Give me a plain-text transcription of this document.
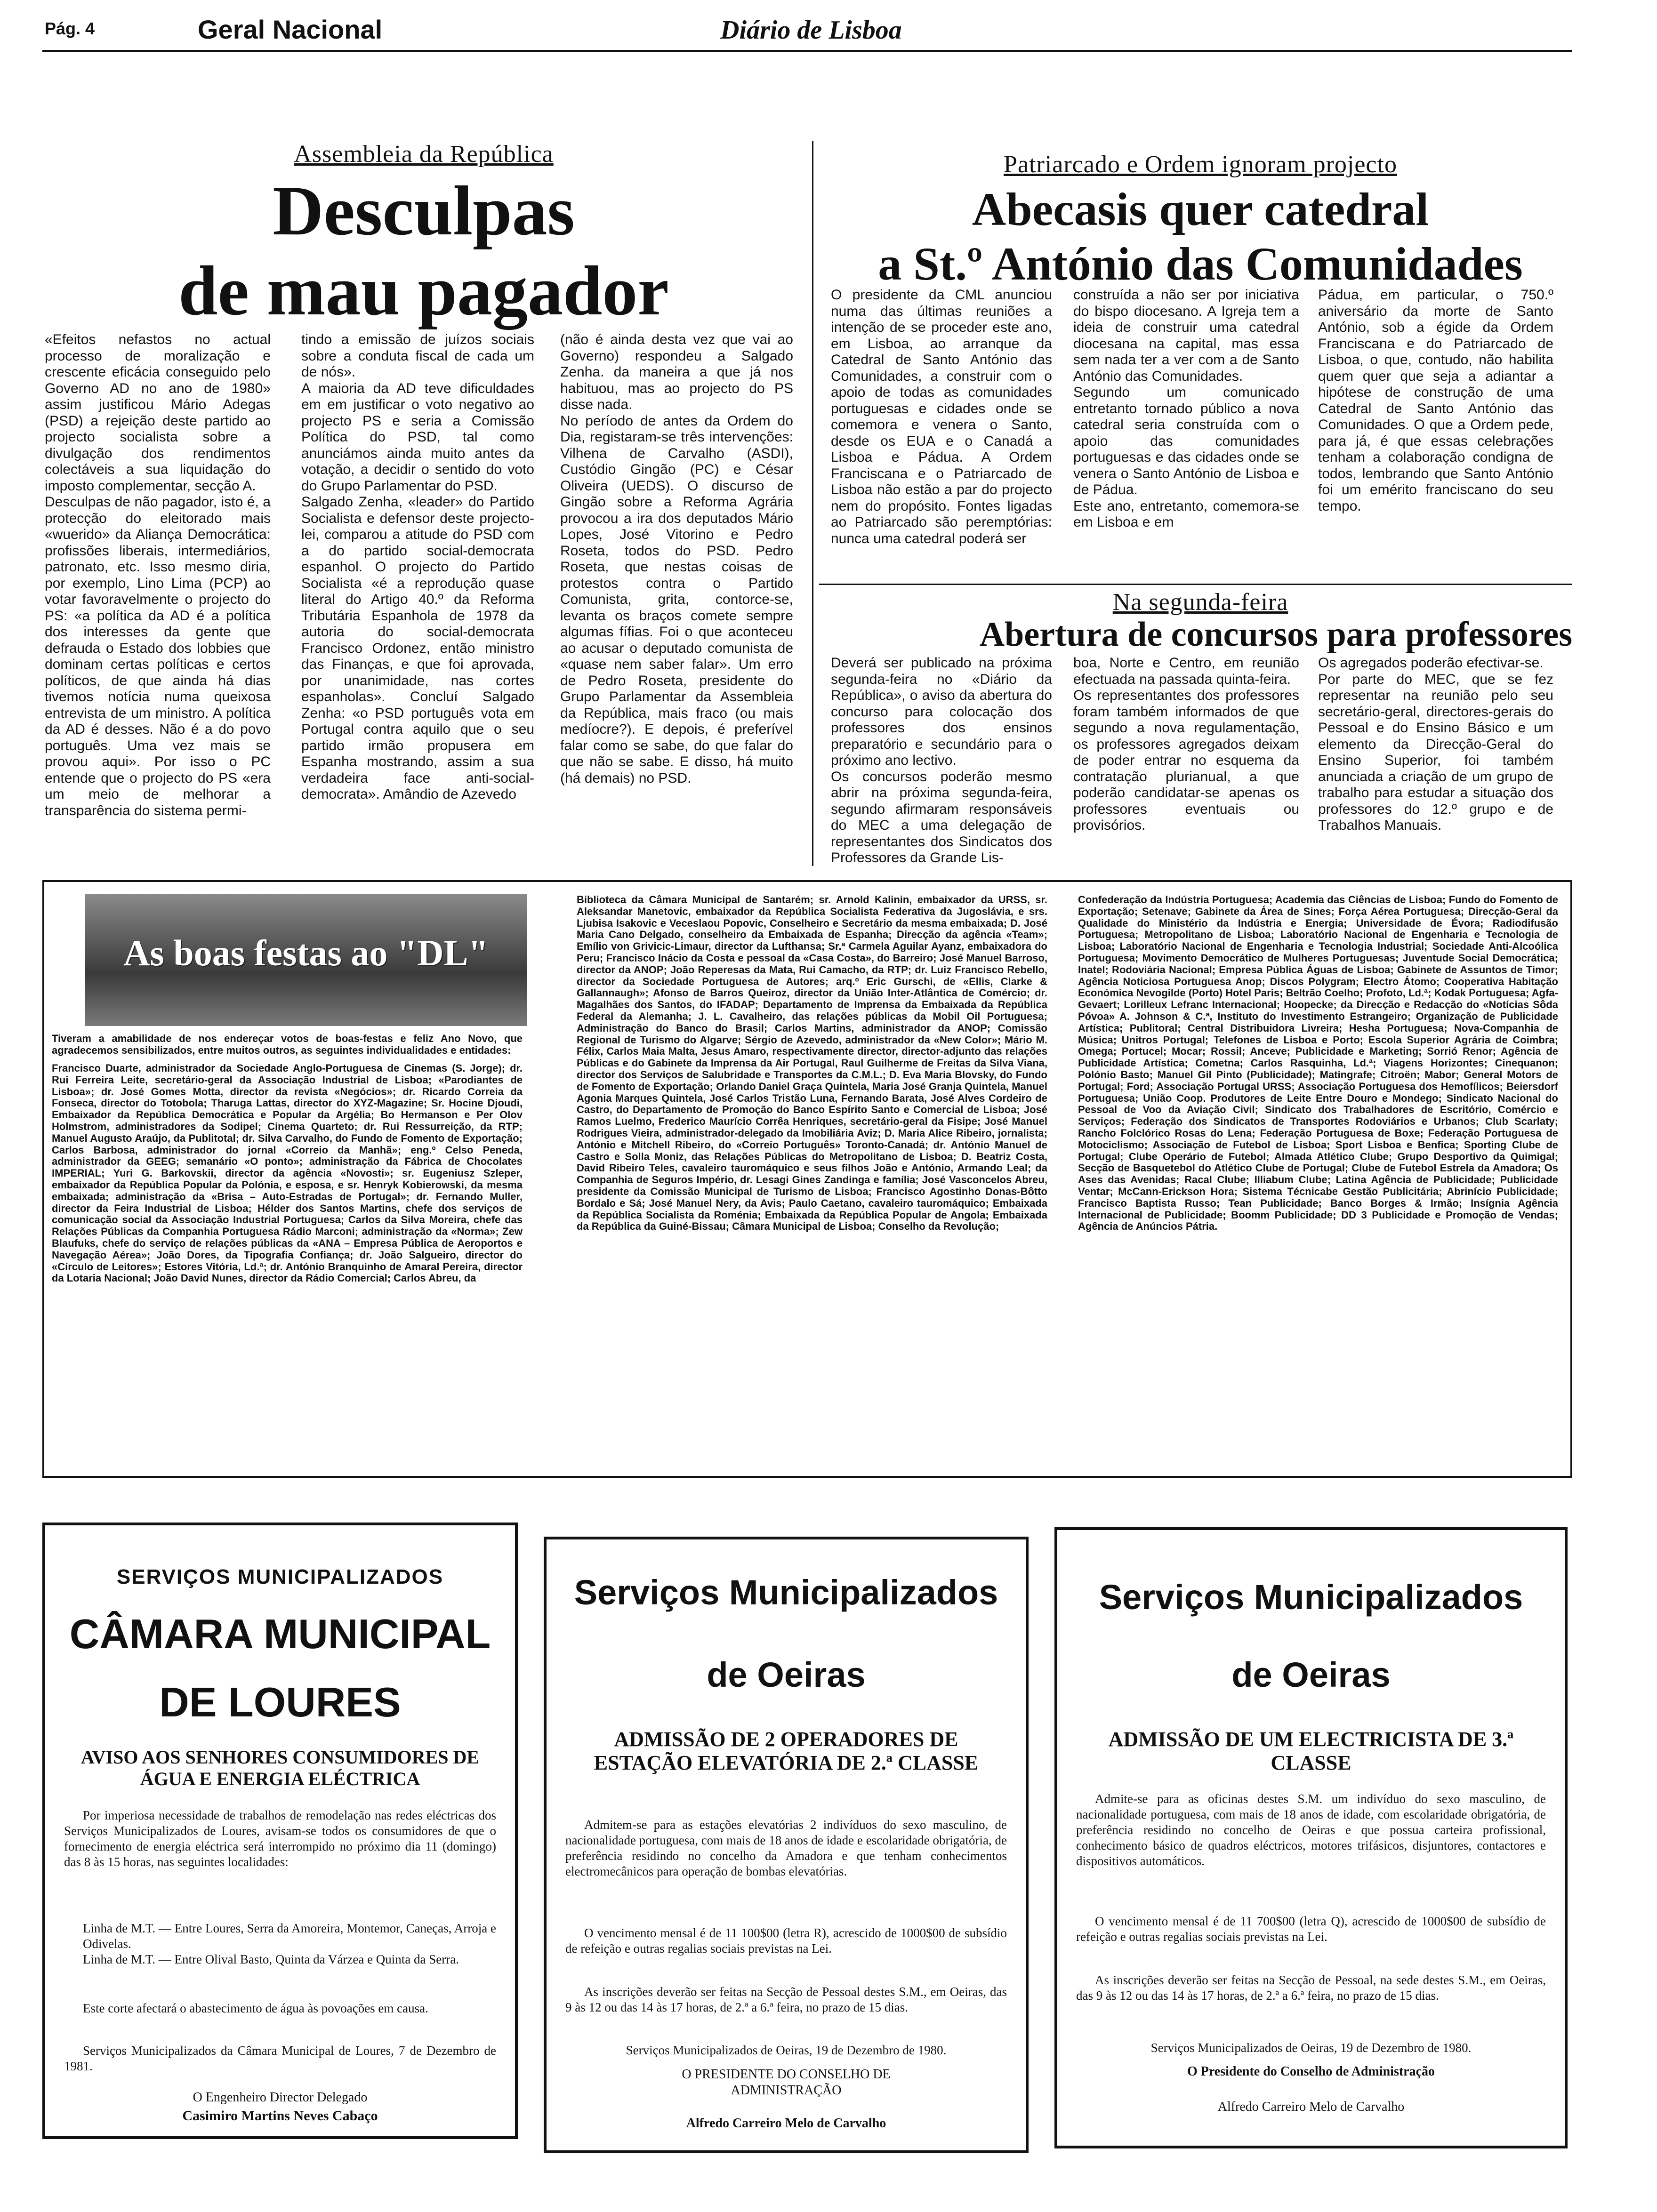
Pág. 4	Geral Nacional	Diário de Lisboa
Assembleia da República
Desculpas
de mau pagador
«Efeitos nefastos no actual processo de moralização e crescente eficácia conseguido pelo Governo AD no ano de 1980» assim justificou Mário Adegas (PSD) a rejeição deste partido ao projecto socialista sobre a divulgação dos rendimentos colectáveis a sua liquidação do imposto complementar, secção A.
Desculpas de não pagador, isto é, a protecção do eleitorado mais «wuerido» da Aliança Democrática: profissões liberais, intermediários, patronato, etc. Isso mesmo diria, por exemplo, Lino Lima (PCP) ao votar favoravelmente o projecto do PS: «a política da AD é a política dos interesses da gente que defrauda o Estado dos lobbies que dominam certas políticas e certos políticos, de que ainda há dias tivemos notícia numa queixosa entrevista de um ministro. A política da AD é desses. Não é a do povo português. Uma vez mais se provou aqui». Por isso o PC entende que o projecto do PS «era um meio de melhorar a transparência do sistema permi-
tindo a emissão de juízos sociais sobre a conduta fiscal de cada um de nós».
A maioria da AD teve dificuldades em em justificar o voto negativo ao projecto PS e seria a Comissão Política do PSD, tal como anunciámos ainda muito antes da votação, a decidir o sentido do voto do Grupo Parlamentar do PSD.
Salgado Zenha, «leader» do Partido Socialista e defensor deste projecto-lei, comparou a atitude do PSD com a do partido social-democrata espanhol. O projecto do Partido Socialista «é a reprodução quase literal do Artigo 40.º da Reforma Tributária Espanhola de 1978 da autoria do social-democrata Francisco Ordonez, então ministro das Finanças, e que foi aprovada, por unanimidade, nas cortes espanholas». Concluí Salgado Zenha: «o PSD português vota em Portugal contra aquilo que o seu partido irmão propusera em Espanha mostrando, assim a sua verdadeira face anti-social-democrata». Amândio de Azevedo
(não é ainda desta vez que vai ao Governo) respondeu a Salgado Zenha. da maneira a que já nos habituou, mas ao projecto do PS disse nada.
No período de antes da Ordem do Dia, registaram-se três intervenções: Vilhena de Carvalho (ASDI), Custódio Gingão (PC) e César Oliveira (UEDS). O discurso de Gingão sobre a Reforma Agrária provocou a ira dos deputados Mário Lopes, José Vitorino e Pedro Roseta, todos do PSD. Pedro Roseta, que nestas coisas de protestos contra o Partido Comunista, grita, contorce-se, levanta os braços comete sempre algumas fífias. Foi o que aconteceu ao acusar o deputado comunista de «quase nem saber falar». Um erro de Pedro Roseta, presidente do Grupo Parlamentar da Assembleia da República, mais fraco (ou mais medíocre?). E depois, é preferível falar como se sabe, do que falar do que não se sabe. E disso, há muito (há demais) no PSD.
Patriarcado e Ordem ignoram projecto
Abecasis quer catedral
a St.º António das Comunidades
O presidente da CML anunciou numa das últimas reuniões a intenção de se proceder este ano, em Lisboa, ao arranque da Catedral de Santo António das Comunidades, a construir com o apoio de todas as comunidades portuguesas e cidades onde se comemora e venera o Santo, desde os EUA e o Canadá a Lisboa e Pádua. A Ordem Franciscana e o Patriarcado de Lisboa não estão a par do projecto nem do propósito. Fontes ligadas ao Patriarcado são peremptórias: nunca uma catedral poderá ser
construída a não ser por iniciativa do bispo diocesano. A Igreja tem a ideia de construir uma catedral diocesana na capital, mas essa sem nada ter a ver com a de Santo António das Comunidades.
Segundo um comunicado entretanto tornado público a nova catedral seria construída com o apoio das comunidades portuguesas e das cidades onde se venera o Santo António de Lisboa e de Pádua.
Este ano, entretanto, comemora-se em Lisboa e em
Pádua, em particular, o 750.º aniversário da morte de Santo António, sob a égide da Ordem Franciscana e do Patriarcado de Lisboa, o que, contudo, não habilita quem quer que seja a adiantar a hipótese de construção de uma Catedral de Santo António das Comunidades. O que a Ordem pede, para já, é que essas celebrações tenham a colaboração condigna de todos, lembrando que Santo António foi um emérito franciscano do seu tempo.
Na segunda-feira
Abertura de concursos para professores
Deverá ser publicado na próxima segunda-feira no «Diário da República», o aviso da abertura do concurso para colocação dos professores dos ensinos preparatório e secundário para o próximo ano lectivo.
Os concursos poderão mesmo abrir na próxima segunda-feira, segundo afirmaram responsáveis do MEC a uma delegação de representantes dos Sindicatos dos Professores da Grande Lis-
boa, Norte e Centro, em reunião efectuada na passada quinta-feira.
Os representantes dos professores foram também informados de que segundo a nova regulamentação, os professores agregados deixam de poder entrar no esquema da contratação plurianual, a que poderão candidatar-se apenas os professores eventuais ou provisórios.
Os agregados poderão efectivar-se.
Por parte do MEC, que se fez representar na reunião pelo seu secretário-geral, directores-gerais do Pessoal e do Ensino Básico e um elemento da Direcção-Geral do Ensino Superior, foi também anunciada a criação de um grupo de trabalho para estudar a situação dos professores do 12.º grupo e de Trabalhos Manuais.
As boas festas ao "DL"
Tiveram a amabilidade de nos endereçar votos de boas-festas e feliz Ano Novo, que agradecemos sensibilizados, entre muitos outros, as seguintes individualidades e entidades:
Francisco Duarte, administrador da Sociedade Anglo-Portuguesa de Cinemas (S. Jorge); dr. Rui Ferreira Leite, secretário-geral da Associação Industrial de Lisboa; «Parodiantes de Lisboa»; dr. José Gomes Motta, director da revista «Negócios»; dr. Ricardo Correia da Fonseca, director do Totobola; Tharuga Lattas, director do XYZ-Magazine; Sr. Hocine Djoudi, Embaixador da República Democrática e Popular da Argélia; Bo Hermanson e Per Olov Holmstrom, administradores da Sodipel; Cinema Quarteto; dr. Rui Ressurreição, da RTP; Manuel Augusto Araújo, da Publitotal; dr. Silva Carvalho, do Fundo de Fomento de Exportação; Carlos Barbosa, administrador do jornal «Correio da Manhã»; eng.º Celso Peneda, administrador da GEEG; semanário «O ponto»; administração da Fábrica de Chocolates IMPERIAL; Yuri G. Barkovskii, director da agência «Novosti»; sr. Eugeniusz Szleper, embaixador da República Popular da Polónia, e esposa, e sr. Henryk Kobierowski, da mesma embaixada; administração da «Brisa – Auto-Estradas de Portugal»; dr. Fernando Muller, director da Feira Industrial de Lisboa; Hélder dos Santos Martins, chefe dos serviços de comunicação social da Associação Industrial Portuguesa; Carlos da Silva Moreira, chefe das Relações Públicas da Companhia Portuguesa Rádio Marconi; administração da «Norma»; Zew Blaufuks, chefe do serviço de relações públicas da «ANA – Empresa Pública de Aeroportos e Navegação Aérea»; João Dores, da Tipografia Confiança; dr. João Salgueiro, director do «Círculo de Leitores»; Estores Vitória, Ld.ª; dr. António Branquinho de Amaral Pereira, director da Lotaria Nacional; João David Nunes, director da Rádio Comercial; Carlos Abreu, da
Biblioteca da Câmara Municipal de Santarém; sr. Arnold Kalinin, embaixador da URSS, sr. Aleksandar Manetovic, embaixador da República Socialista Federativa da Jugoslávia, e srs. Ljubisa Isakovic e Veceslaou Popovic, Conselheiro e Secretário da mesma embaixada; D. José Maria Cano Delgado, conselheiro da Embaixada de Espanha; Direcção da agência «Team»; Emílio von Grivicic-Limaur, director da Lufthansa; Sr.ª Carmela Aguilar Ayanz, embaixadora do Peru; Francisco Inácio da Costa e pessoal da «Casa Costa», do Barreiro; José Manuel Barroso, director da ANOP; João Reperesas da Mata, Rui Camacho, da RTP; dr. Luiz Francisco Rebello, director da Sociedade Portuguesa de Autores; arq.º Eric Gurschi, de «Ellis, Clarke & Gallannaugh»; Afonso de Barros Queiroz, director da União Inter-Atlântica de Comércio; dr. Magalhães dos Santos, do IFADAP; Departamento de Imprensa da Embaixada da República Federal da Alemanha; J. L. Cavalheiro, das relações públicas da Mobil Oil Portuguesa; Administração do Banco do Brasil; Carlos Martins, administrador da ANOP; Comissão Regional de Turismo do Algarve; Sérgio de Azevedo, administrador da «New Color»; Mário M. Félix, Carlos Maia Malta, Jesus Amaro, respectivamente director, director-adjunto das relações Públicas e do Gabinete da Imprensa da Air Portugal, Raul Guilherme de Freitas da Silva Viana, director dos Serviços de Salubridade e Transportes da C.M.L.; D. Eva Maria Blovsky, do Fundo de Fomento de Exportação; Orlando Daniel Graça Quintela, Maria José Granja Quintela, Manuel Agonia Marques Quintela, José Carlos Tristão Luna, Fernando Barata, José Alves Cordeiro de Castro, do Departamento de Promoção do Banco Espírito Santo e Comercial de Lisboa; José Ramos Luelmo, Frederico Maurício Corrêa Henriques, secretário-geral da Fisipe; José Manuel Rodrigues Vieira, administrador-delegado da Imobiliária Aviz; D. Maria Alice Ribeiro, jornalista; António e Mitchell Ribeiro, do «Correio Português» Toronto-Canadá; dr. António Manuel de Castro e Solla Moniz, das Relações Públicas do Metropolitano de Lisboa; D. Beatriz Costa, David Ribeiro Teles, cavaleiro tauromáquico e seus filhos João e António, Armando Leal; da Companhia de Seguros Império, dr. Lesagi Gines Zandinga e família; José Vasconcelos Abreu, presidente da Comissão Municipal de Turismo de Lisboa; Francisco Agostinho Donas-Bôtto Bordalo e Sá; José Manuel Nery, da Avis; Paulo Caetano, cavaleiro tauromáquico; Embaixada da República Socialista da Roménia; Embaixada da República Popular de Angola; Embaixada da República da Guiné-Bissau; Câmara Municipal de Lisboa; Conselho da Revolução;
Confederação da Indústria Portuguesa; Academia das Ciências de Lisboa; Fundo do Fomento de Exportação; Setenave; Gabinete da Área de Sines; Força Aérea Portuguesa; Direcção-Geral da Qualidade do Ministério da Indústria e Energia; Universidade de Évora; Radiodifusão Portuguesa; Metropolitano de Lisboa; Laboratório Nacional de Engenharia e Tecnologia de Lisboa; Laboratório Nacional de Engenharia e Tecnologia Industrial; Sociedade Anti-Alcoólica Portuguesa; Movimento Democrático de Mulheres Portuguesas; Juventude Social Democrática; Inatel; Rodoviária Nacional; Empresa Pública Águas de Lisboa; Gabinete de Assuntos de Timor; Agência Noticiosa Portuguesa Anop; Discos Polygram; Electro Átomo; Cooperativa Habitação Económica Nevogilde (Porto) Hotel Paris; Beltrão Coelho; Profoto, Ld.ª; Kodak Portuguesa; Agfa-Gevaert; Lorilleux Lefranc Internacional; Hoopecke; da Direcção e Redacção do «Notícias Sôda Póvoa» A. Johnson & C.ª, Instituto do Investimento Estrangeiro; Organização de Publicidade Artística; Publitoral; Central Distribuidora Livreira; Hesha Portuguesa; Nova-Companhia de Música; Unitros Portugal; Telefones de Lisboa e Porto; Escola Superior Agrária de Coimbra; Omega; Portucel; Mocar; Rossil; Anceve; Publicidade e Marketing; Sorrió Renor; Agência de Publicidade Artística; Cometna; Carlos Rasquinha, Ld.ª; Viagens Horizontes; Cinequanon; Polónio Basto; Manuel Gil Pinto (Publicidade); Matingrafe; Citroën; Mabor; General Motors de Portugal; Ford; Associação Portugal URSS; Associação Portuguesa dos Hemofílicos; Beiersdorf Portuguesa; União Coop. Produtores de Leite Entre Douro e Mondego; Sindicato Nacional do Pessoal de Voo da Aviação Civil; Sindicato dos Trabalhadores de Escritório, Comércio e Serviços; Federação dos Sindicatos de Transportes Rodoviários e Urbanos; Club Scarlaty; Rancho Folclórico Rosas do Lena; Federação Portuguesa de Boxe; Federação Portuguesa de Motociclismo; Associação de Futebol de Lisboa; Sport Lisboa e Benfica; Sporting Clube de Portugal; Clube Operário de Futebol; Almada Atlético Clube; Grupo Desportivo da Quimigal; Secção de Basquetebol do Atlético Clube de Portugal; Clube de Futebol Estrela da Amadora; Os Ases das Avenidas; Racal Clube; Illiabum Clube; Latina Agência de Publicidade; Publicidade Ventar; McCann-Erickson Hora; Sistema Técnicabe Gestão Publicitária; Abrinício Publicidade; Francisco Baptista Russo; Tean Publicidade; Banco Borges & Irmão; Insígnia Agência Internacional de Publicidade; Boomm Publicidade; DD 3 Publicidade e Promoção de Vendas; Agência de Anúncios Pátria.
SERVIÇOS MUNICIPALIZADOS
CÂMARA MUNICIPAL
DE LOURES
AVISO AOS SENHORES CONSUMIDORES DE ÁGUA E ENERGIA ELÉCTRICA
Por imperiosa necessidade de trabalhos de remodelação nas redes eléctricas dos Serviços Municipalizados de Loures, avisam-se todos os consumidores de que o fornecimento de energia eléctrica será interrompido no próximo dia 11 (domingo) das 8 às 15 horas, nas seguintes localidades:
Linha de M.T. — Entre Loures, Serra da Amoreira, Montemor, Caneças, Arroja e Odivelas.
Linha de M.T. — Entre Olival Basto, Quinta da Várzea e Quinta da Serra.
Este corte afectará o abastecimento de água às povoações em causa.
Serviços Municipalizados da Câmara Municipal de Loures, 7 de Dezembro de 1981.
O Engenheiro Director Delegado
Casimiro Martins Neves Cabaço
Serviços Municipalizados
de Oeiras
ADMISSÃO DE 2 OPERADORES DE ESTAÇÃO ELEVATÓRIA DE 2.ª CLASSE
Admitem-se para as estações elevatórias 2 indivíduos do sexo masculino, de nacionalidade portuguesa, com mais de 18 anos de idade e escolaridade obrigatória, de preferência residindo no concelho da Amadora e que tenham conhecimentos electromecânicos para operação de bombas elevatórias.
O vencimento mensal é de 11 100$00 (letra R), acrescido de 1000$00 de subsídio de refeição e outras regalias sociais previstas na Lei.
As inscrições deverão ser feitas na Secção de Pessoal destes S.M., em Oeiras, das 9 às 12 ou das 14 às 17 horas, de 2.ª a 6.ª feira, no prazo de 15 dias.
Serviços Municipalizados de Oeiras, 19 de Dezembro de 1980.
O PRESIDENTE DO CONSELHO DE ADMINISTRAÇÃO
Alfredo Carreiro Melo de Carvalho
Serviços Municipalizados
de Oeiras
ADMISSÃO DE UM ELECTRICISTA DE 3.ª CLASSE
Admite-se para as oficinas destes S.M. um indivíduo do sexo masculino, de nacionalidade portuguesa, com mais de 18 anos de idade, com escolaridade obrigatória, de preferência residindo no concelho de Oeiras e que possua carteira profissional, conhecimento básico de quadros eléctricos, motores trifásicos, disjuntores, contactores e dispositivos automáticos.
O vencimento mensal é de 11 700$00 (letra Q), acrescido de 1000$00 de subsídio de refeição e outras regalias sociais previstas na Lei.
As inscrições deverão ser feitas na Secção de Pessoal, na sede destes S.M., em Oeiras, das 9 às 12 ou das 14 às 17 horas, de 2.ª a 6.ª feira, no prazo de 15 dias.
Serviços Municipalizados de Oeiras, 19 de Dezembro de 1980.
O Presidente do Conselho de Administração
Alfredo Carreiro Melo de Carvalho
